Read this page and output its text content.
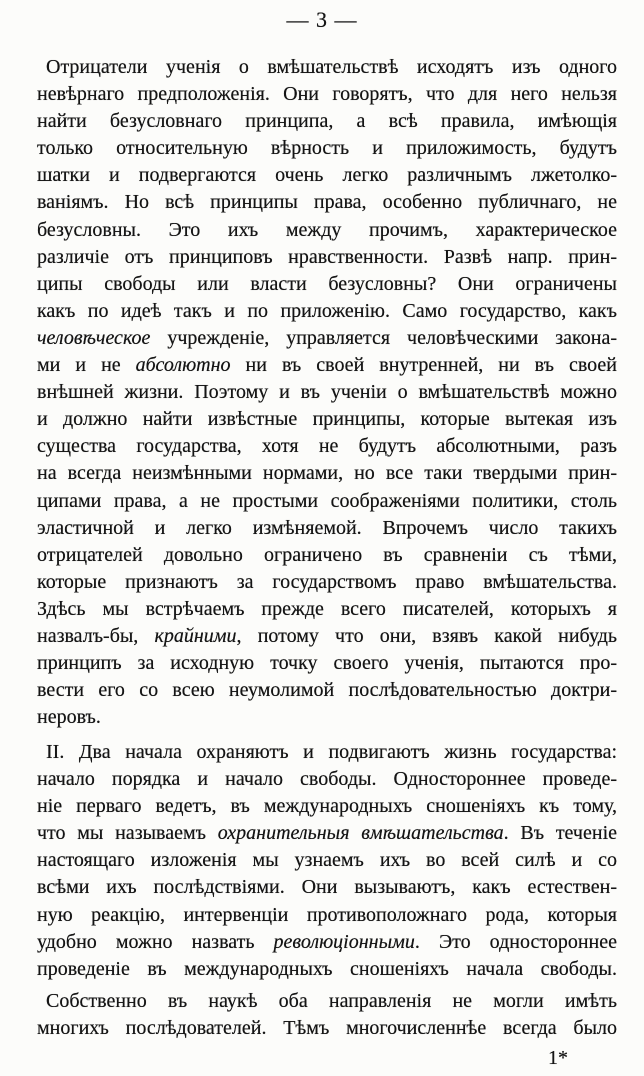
— 3 —
Отрицатели ученія о вмѣшательствѣ исходятъ изъ одного
невѣрнаго предположенія. Они говорятъ, что для него нельзя
найти безусловнаго принципа, а всѣ правила, имѣющія
только относительную вѣрность и приложимость, будутъ
шатки и подвергаются очень легко различнымъ лжетолко-
ваніямъ. Но всѣ принципы права, особенно публичнаго, не
безусловны. Это ихъ между прочимъ, характерическое
различіе отъ принциповъ нравственности. Развѣ напр. прин-
ципы свободы или власти безусловны? Они ограничены
какъ по идеѣ такъ и по приложенію. Само государство, какъ
человѣческое учрежденіе, управляется человѣческими закона-
ми и не абсолютно ни въ своей внутренней, ни въ своей
внѣшней жизни. Поэтому и въ ученіи о вмѣшательствѣ можно
и должно найти извѣстные принципы, которые вытекая изъ
существа государства, хотя не будутъ абсолютными, разъ
на всегда неизмѣнными нормами, но все таки твердыми прин-
ципами права, а не простыми соображеніями политики, столь
эластичной и легко измѣняемой. Впрочемъ число такихъ
отрицателей довольно ограничено въ сравненіи съ тѣми,
которые признаютъ за государствомъ право вмѣшательства.
Здѣсь мы встрѣчаемъ прежде всего писателей, которыхъ я
назвалъ-бы, крайними, потому что они, взявъ какой нибудь
принципъ за исходную точку своего ученія, пытаются про-
вести его со всею неумолимой послѣдовательностью доктри-
неровъ.
II. Два начала охраняютъ и подвигаютъ жизнь государства:
начало порядка и начало свободы. Одностороннее проведе-
ніе перваго ведетъ, въ международныхъ сношеніяхъ къ тому,
что мы называемъ охранительныя вмѣшательства. Въ теченіе
настоящаго изложенія мы узнаемъ ихъ во всей силѣ и со
всѣми ихъ послѣдствіями. Они вызываютъ, какъ естествен-
ную реакцію, интервенціи противоположнаго рода, которыя
удобно можно назвать революціонными. Это одностороннее
проведеніе въ международныхъ сношеніяхъ начала свободы.
Собственно въ наукѣ оба направленія не могли имѣть
многихъ послѣдователей. Тѣмъ многочисленнѣе всегда было
1*
